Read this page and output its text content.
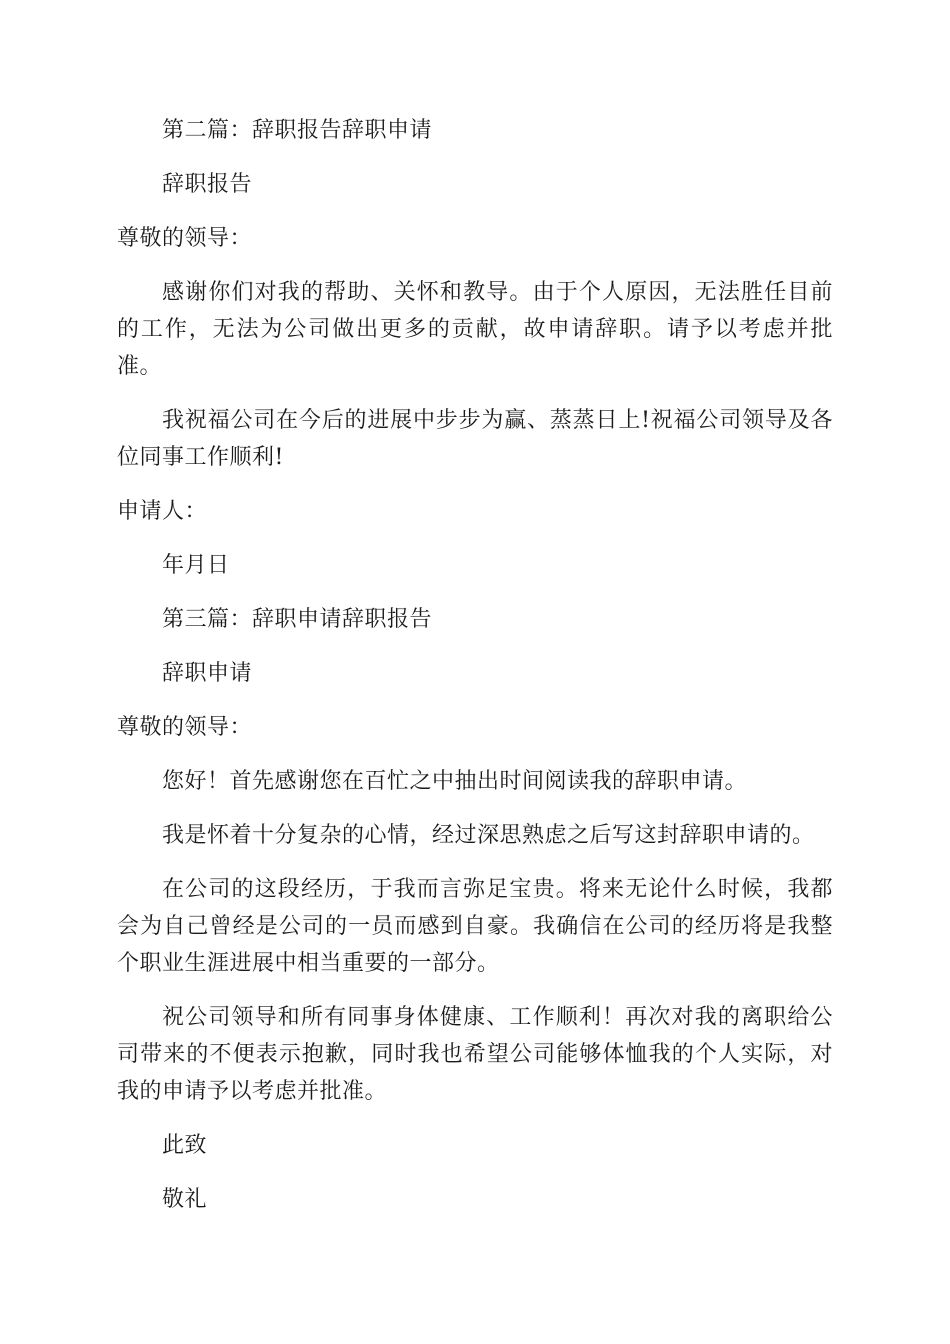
第二篇：辞职报告辞职申请

辞职报告

尊敬的领导：

感谢你们对我的帮助、关怀和教导。由于个人原因，无法胜任目前的工作，无法为公司做出更多的贡献，故申请辞职。请予以考虑并批准。

我祝福公司在今后的进展中步步为赢、蒸蒸日上!祝福公司领导及各位同事工作顺利!

申请人：

年月日

第三篇：辞职申请辞职报告

辞职申请

尊敬的领导：

您好！首先感谢您在百忙之中抽出时间阅读我的辞职申请。

我是怀着十分复杂的心情，经过深思熟虑之后写这封辞职申请的。

在公司的这段经历，于我而言弥足宝贵。将来无论什么时候，我都会为自己曾经是公司的一员而感到自豪。我确信在公司的经历将是我整个职业生涯进展中相当重要的一部分。

祝公司领导和所有同事身体健康、工作顺利！再次对我的离职给公司带来的不便表示抱歉，同时我也希望公司能够体恤我的个人实际，对我的申请予以考虑并批准。

此致

敬礼
